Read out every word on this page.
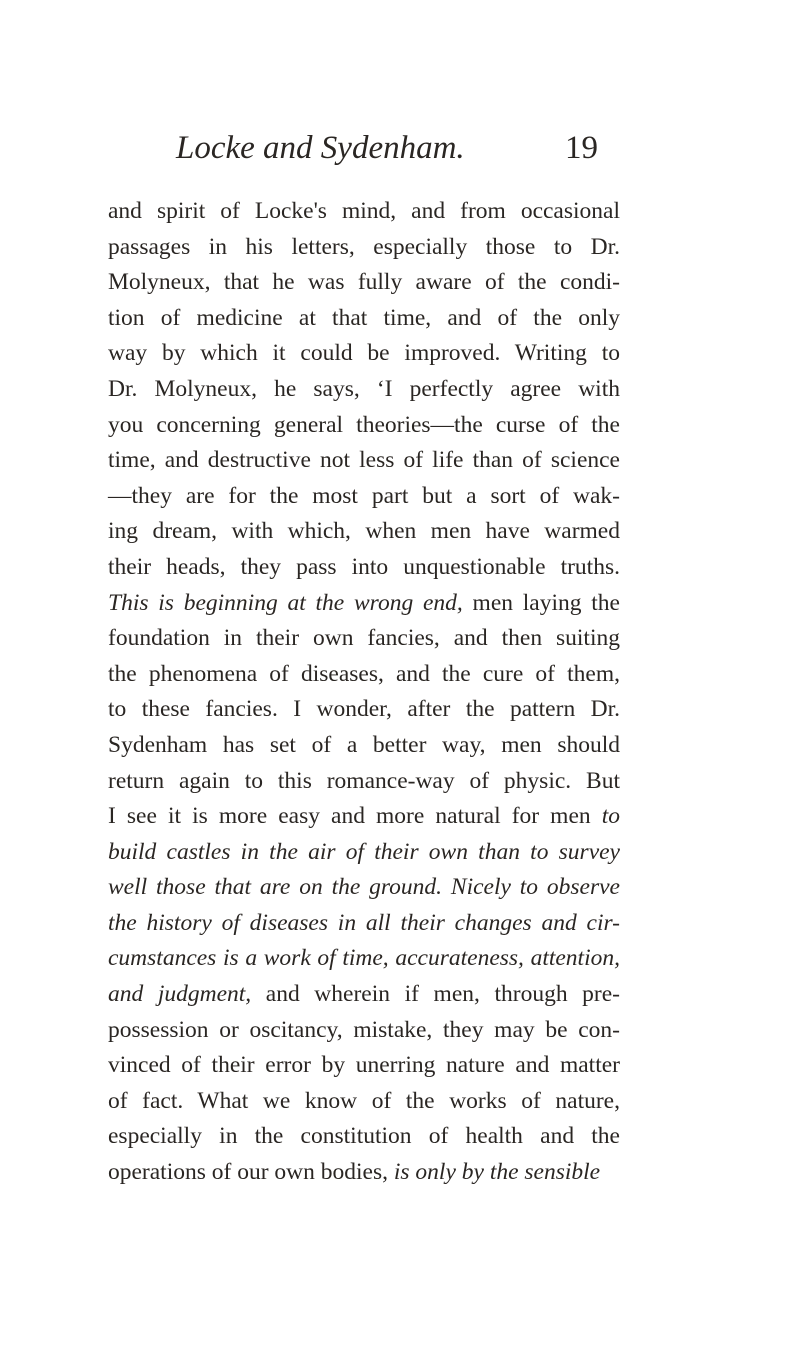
Locke and Sydenham.	19
and spirit of Locke's mind, and from occasional
passages in his letters, especially those to Dr.
Molyneux, that he was fully aware of the condi-
tion of medicine at that time, and of the only
way by which it could be improved. Writing to
Dr. Molyneux, he says, ‘I perfectly agree with
you concerning general theories—the curse of the
time, and destructive not less of life than of science
—they are for the most part but a sort of wak-
ing dream, with which, when men have warmed
their heads, they pass into unquestionable truths.
This is beginning at the wrong end, men laying the
foundation in their own fancies, and then suiting
the phenomena of diseases, and the cure of them,
to these fancies. I wonder, after the pattern Dr.
Sydenham has set of a better way, men should
return again to this romance-way of physic. But
I see it is more easy and more natural for men to
build castles in the air of their own than to survey
well those that are on the ground. Nicely to observe
the history of diseases in all their changes and cir-
cumstances is a work of time, accurateness, attention,
and judgment, and wherein if men, through pre-
possession or oscitancy, mistake, they may be con-
vinced of their error by unerring nature and matter
of fact. What we know of the works of nature,
especially in the constitution of health and the
operations of our own bodies, is only by the sensible
